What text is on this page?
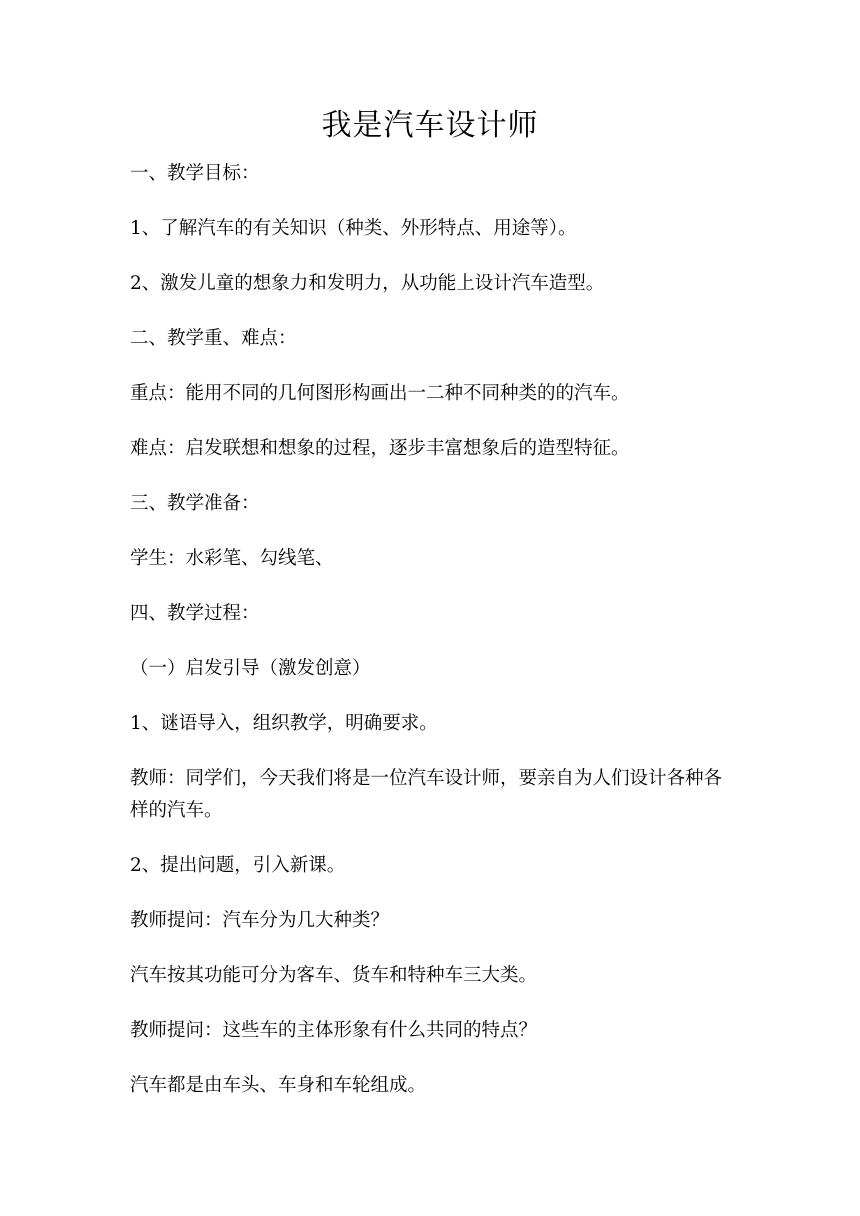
我是汽车设计师

一、教学目标：

1、了解汽车的有关知识（种类、外形特点、用途等）。

2、激发儿童的想象力和发明力，从功能上设计汽车造型。

二、教学重、难点：

重点：能用不同的几何图形构画出一二种不同种类的的汽车。

难点：启发联想和想象的过程，逐步丰富想象后的造型特征。

三、教学准备：

学生：水彩笔、勾线笔、

四、教学过程：

（一）启发引导（激发创意）

1、谜语导入，组织教学，明确要求。

教师：同学们，今天我们将是一位汽车设计师，要亲自为人们设计各种各样的汽车。

2、提出问题，引入新课。

教师提问：汽车分为几大种类？

汽车按其功能可分为客车、货车和特种车三大类。

教师提问：这些车的主体形象有什么共同的特点？

汽车都是由车头、车身和车轮组成。
